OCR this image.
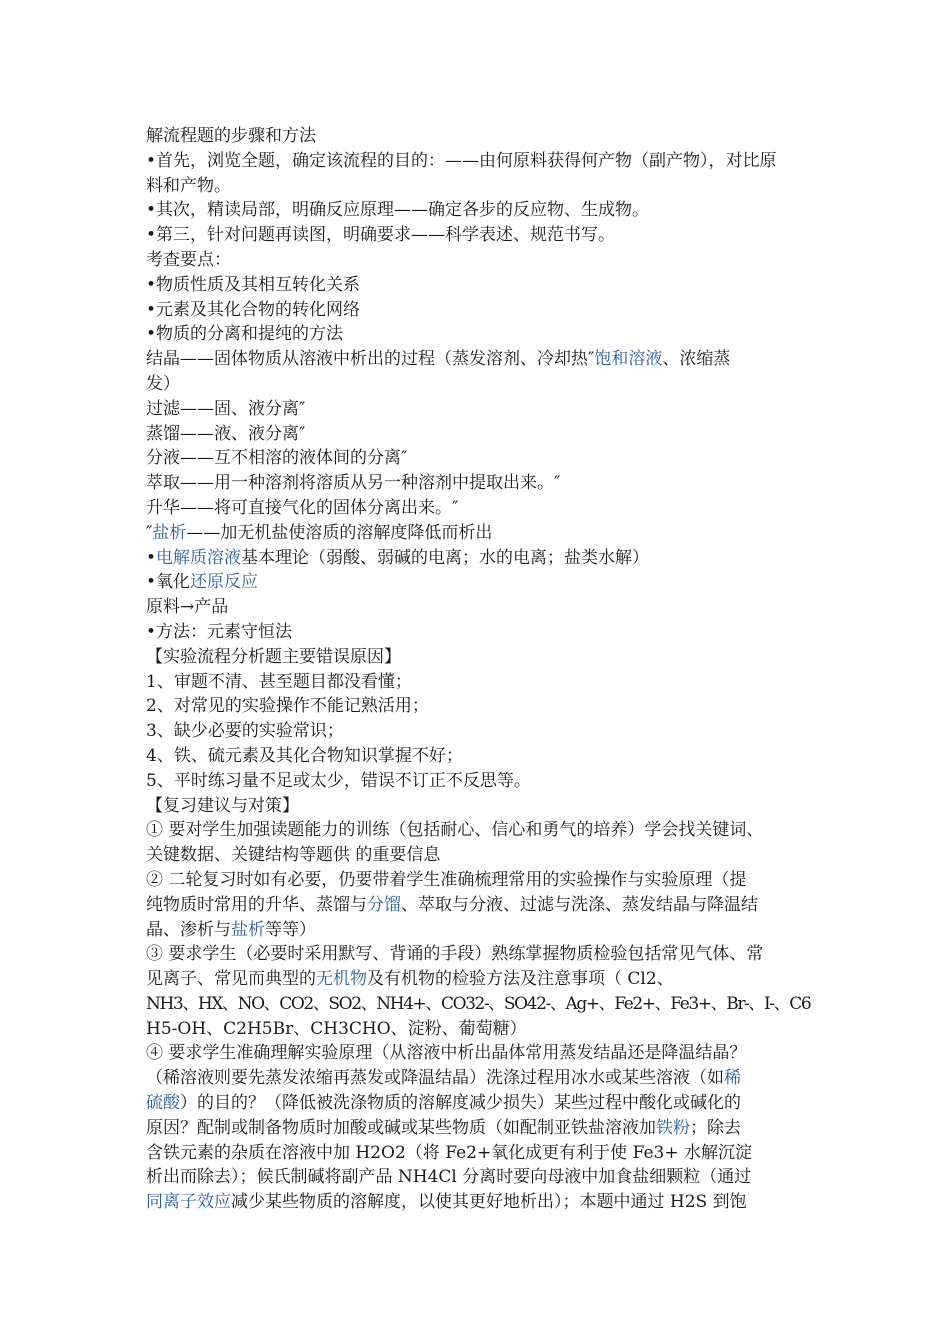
解流程题的步骤和方法

•首先，浏览全题，确定该流程的目的：——由何原料获得何产物（副产物），对比原

料和产物。

•其次，精读局部，明确反应原理——确定各步的反应物、生成物。

•第三，针对问题再读图，明确要求——科学表述、规范书写。

考查要点：

•物质性质及其相互转化关系

•元素及其化合物的转化网络

•物质的分离和提纯的方法

结晶——固体物质从溶液中析出的过程（蒸发溶剂、冷却热″饱和溶液、浓缩蒸

发）

过滤——固、液分离″

蒸馏——液、液分离″

分液——互不相溶的液体间的分离″

萃取——用一种溶剂将溶质从另一种溶剂中提取出来。″

升华——将可直接气化的固体分离出来。″

″盐析——加无机盐使溶质的溶解度降低而析出

•电解质溶液基本理论（弱酸、弱碱的电离；水的电离；盐类水解）

•氧化还原反应

原料→产品

•方法：元素守恒法

【实验流程分析题主要错误原因】

1、审题不清、甚至题目都没看懂；

2、对常见的实验操作不能记熟活用；

3、缺少必要的实验常识；

4、铁、硫元素及其化合物知识掌握不好；

5、平时练习量不足或太少，错误不订正不反思等。

【复习建议与对策】

① 要对学生加强读题能力的训练（包括耐心、信心和勇气的培养）学会找关键词、

关键数据、关键结构等题供 的重要信息

② 二轮复习时如有必要，仍要带着学生准确梳理常用的实验操作与实验原理（提

纯物质时常用的升华、蒸馏与分馏、萃取与分液、过滤与洗涤、蒸发结晶与降温结

晶、渗析与盐析等等）

③ 要求学生（必要时采用默写、背诵的手段）熟练掌握物质检验包括常见气体、常

见离子、常见而典型的无机物及有机物的检验方法及注意事项（ Cl2、

NH3、HX、NO、CO2、SO2、NH4+、CO32-、SO42-、Ag+、Fe2+、Fe3+、Br-、I-、C6

H5-OH、C2H5Br、CH3CHO、淀粉、葡萄糖）

④ 要求学生准确理解实验原理（从溶液中析出晶体常用蒸发结晶还是降温结晶？

（稀溶液则要先蒸发浓缩再蒸发或降温结晶）洗涤过程用冰水或某些溶液（如稀

硫酸）的目的？（降低被洗涤物质的溶解度减少损失）某些过程中酸化或碱化的

原因？配制或制备物质时加酸或碱或某些物质（如配制亚铁盐溶液加铁粉；除去

含铁元素的杂质在溶液中加 H2O2（将 Fe2+氧化成更有利于使 Fe3+ 水解沉淀

析出而除去）；候氏制碱将副产品 NH4Cl 分离时要向母液中加食盐细颗粒（通过

同离子效应减少某些物质的溶解度，以使其更好地析出）；本题中通过 H2S 到饱
